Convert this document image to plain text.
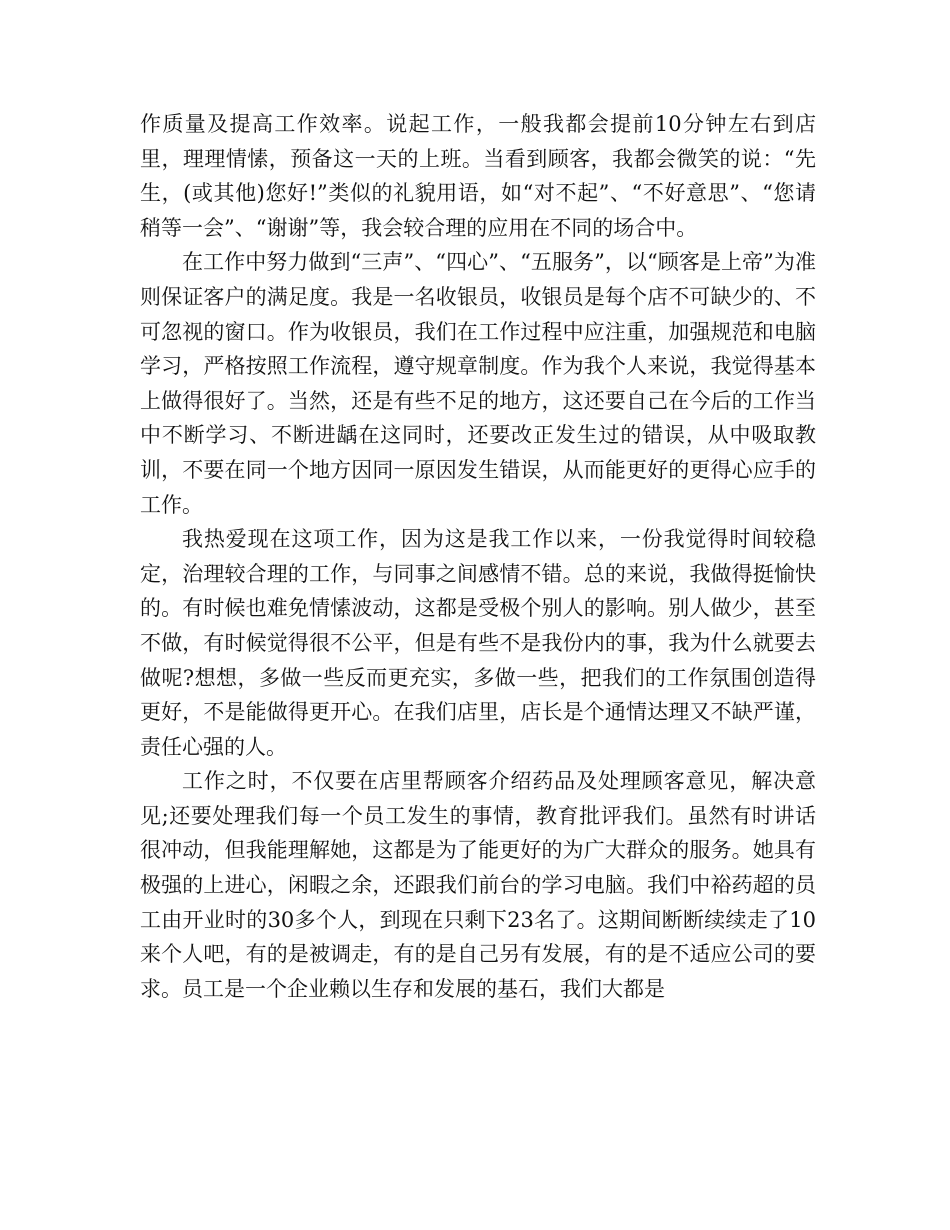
作质量及提高工作效率。说起工作，一般我都会提前10分钟左右到店里，理理情愫，预备这一天的上班。当看到顾客，我都会微笑的说：“先生，(或其他)您好!”类似的礼貌用语，如“对不起”、“不好意思”、“您请稍等一会”、“谢谢”等，我会较合理的应用在不同的场合中。

在工作中努力做到“三声”、“四心”、“五服务”，以“顾客是上帝”为准则保证客户的满足度。我是一名收银员，收银员是每个店不可缺少的、不可忽视的窗口。作为收银员，我们在工作过程中应注重，加强规范和电脑学习，严格按照工作流程，遵守规章制度。作为我个人来说，我觉得基本上做得很好了。当然，还是有些不足的地方，这还要自己在今后的工作当中不断学习、不断进龋在这同时，还要改正发生过的错误，从中吸取教训，不要在同一个地方因同一原因发生错误，从而能更好的更得心应手的工作。

我热爱现在这项工作，因为这是我工作以来，一份我觉得时间较稳定，治理较合理的工作，与同事之间感情不错。总的来说，我做得挺愉快的。有时候也难免情愫波动，这都是受极个别人的影响。别人做少，甚至不做，有时候觉得很不公平，但是有些不是我份内的事，我为什么就要去做呢?想想，多做一些反而更充实，多做一些，把我们的工作氛围创造得更好，不是能做得更开心。在我们店里，店长是个通情达理又不缺严谨，责任心强的人。

工作之时，不仅要在店里帮顾客介绍药品及处理顾客意见，解决意见;还要处理我们每一个员工发生的事情，教育批评我们。虽然有时讲话很冲动，但我能理解她，这都是为了能更好的为广大群众的服务。她具有极强的上进心，闲暇之余，还跟我们前台的学习电脑。我们中裕药超的员工由开业时的30多个人，到现在只剩下23名了。这期间断断续续走了10来个人吧，有的是被调走，有的是自己另有发展，有的是不适应公司的要求。员工是一个企业赖以生存和发展的基石，我们大都是
